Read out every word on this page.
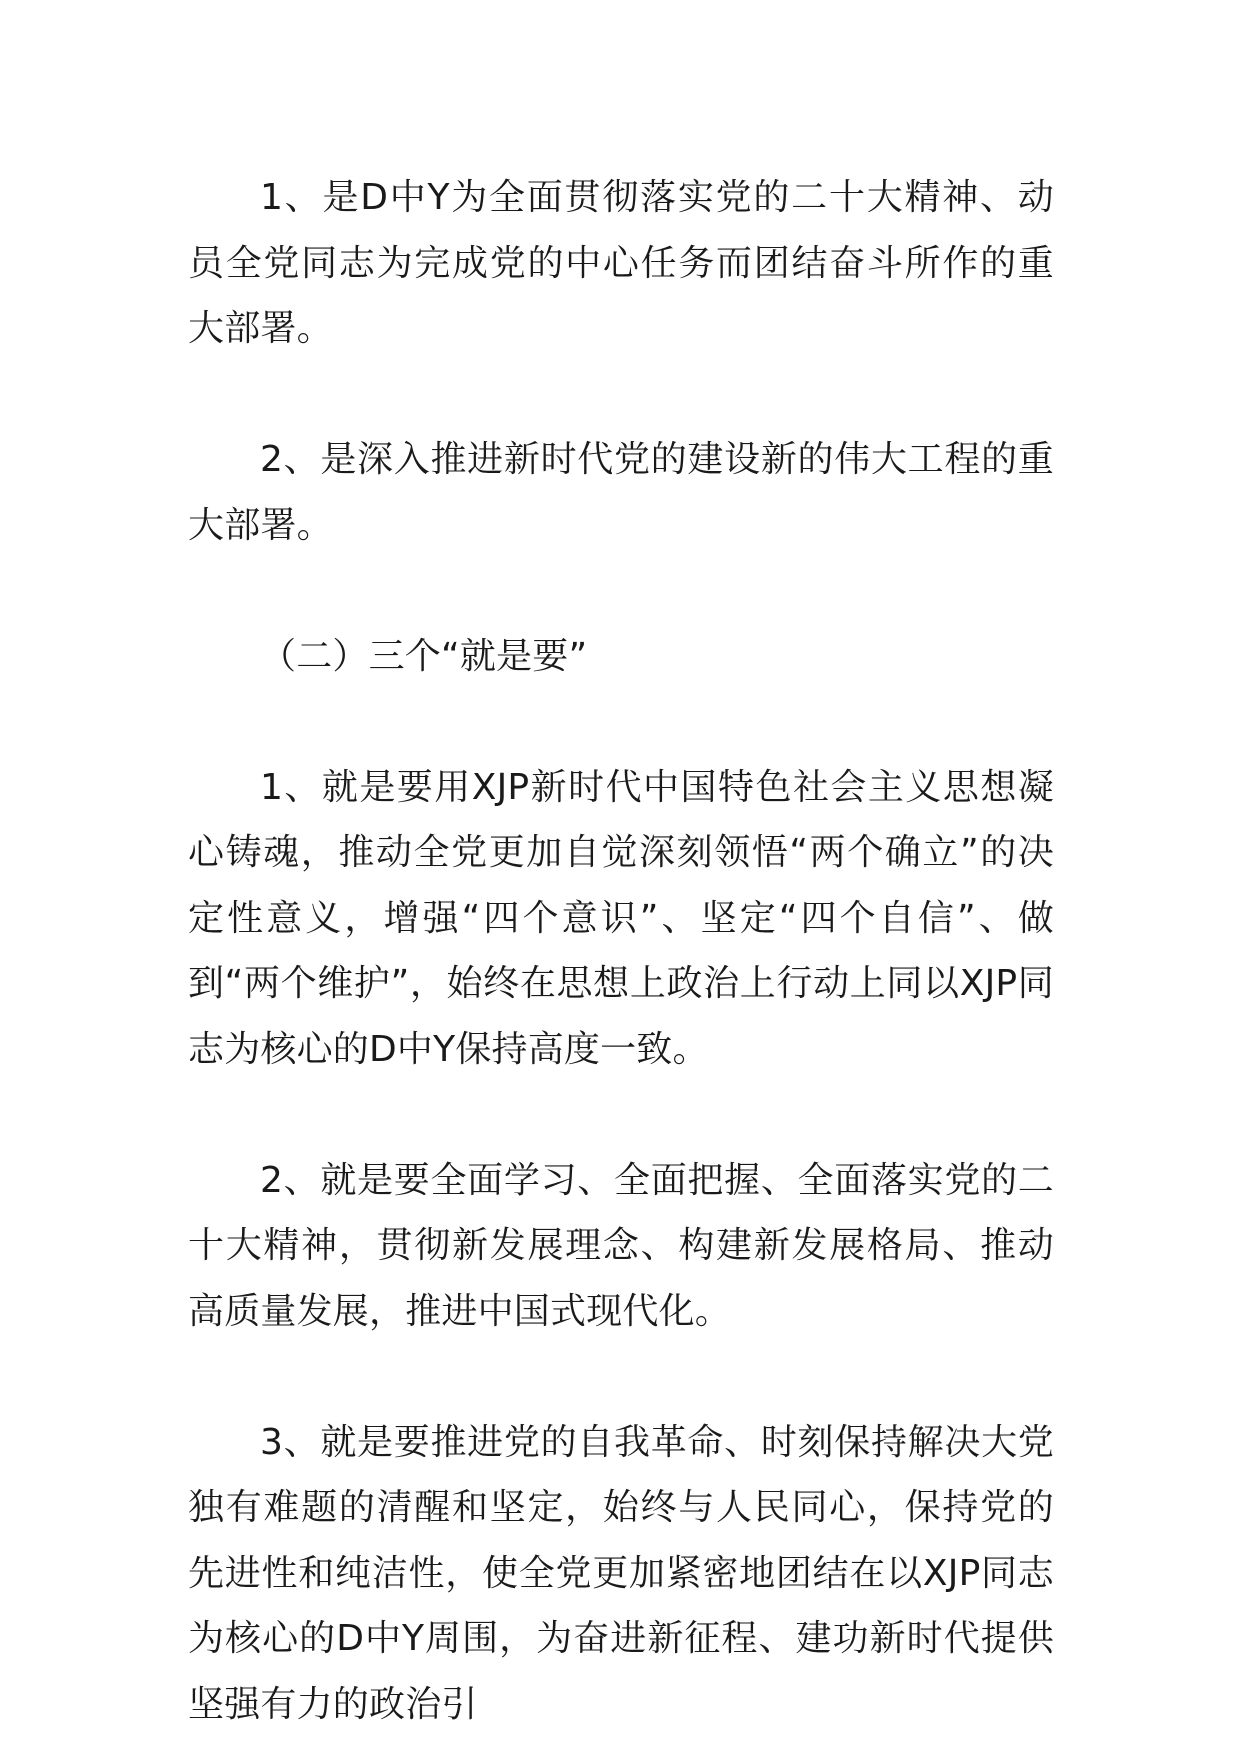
1、是D中Y为全面贯彻落实党的二十大精神、动员全党同志为完成党的中心任务而团结奋斗所作的重大部署。

2、是深入推进新时代党的建设新的伟大工程的重大部署。

（二）三个“就是要”

1、就是要用XJP新时代中国特色社会主义思想凝心铸魂，推动全党更加自觉深刻领悟“两个确立”的决定性意义，增强“四个意识”、坚定“四个自信”、做到“两个维护”，始终在思想上政治上行动上同以XJP同志为核心的D中Y保持高度一致。

2、就是要全面学习、全面把握、全面落实党的二十大精神，贯彻新发展理念、构建新发展格局、推动高质量发展，推进中国式现代化。

3、就是要推进党的自我革命、时刻保持解决大党独有难题的清醒和坚定，始终与人民同心，保持党的先进性和纯洁性，使全党更加紧密地团结在以XJP同志为核心的D中Y周围，为奋进新征程、建功新时代提供坚强有力的政治引
